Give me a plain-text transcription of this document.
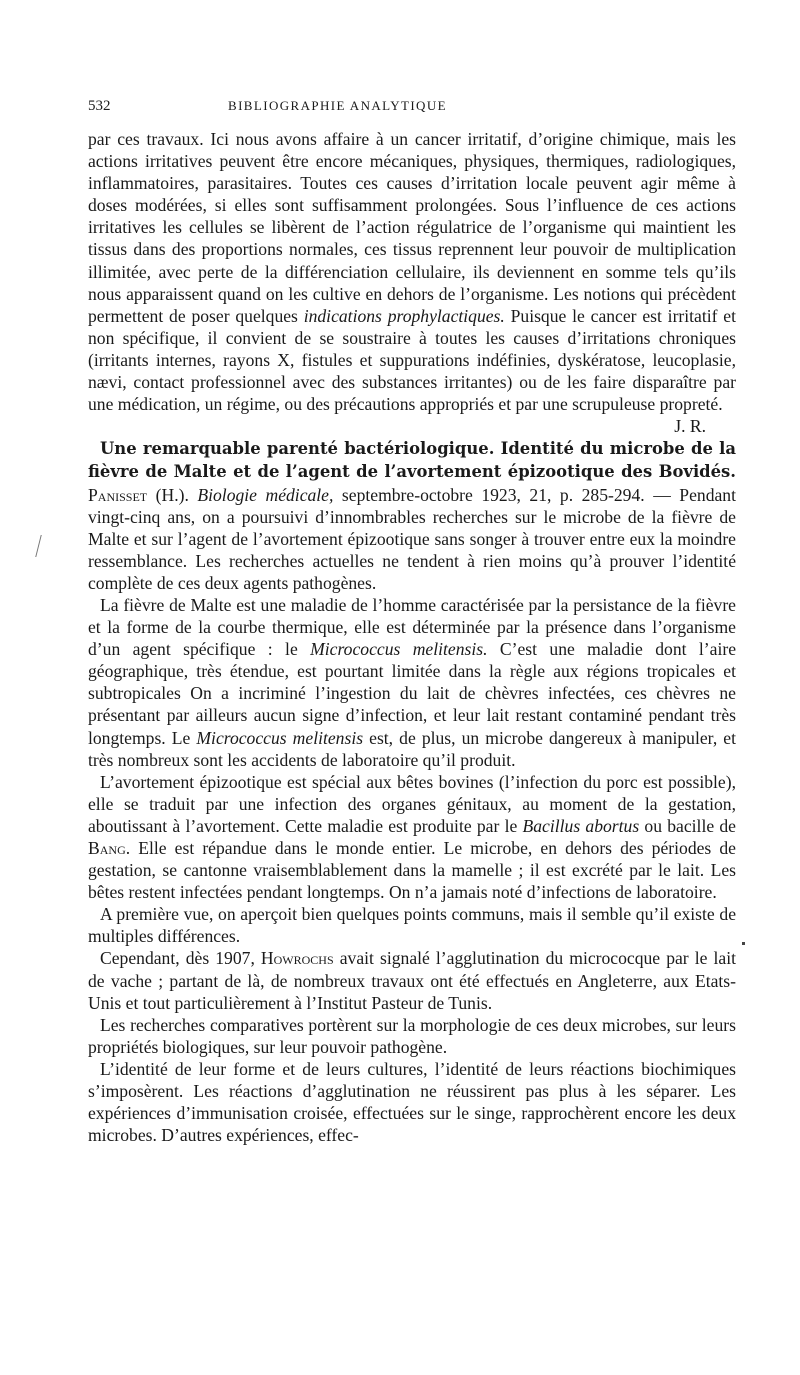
532	BIBLIOGRAPHIE ANALYTIQUE

par ces travaux. Ici nous avons affaire à un cancer irritatif, d’origine chimique, mais les actions irritatives peuvent être encore mécaniques, physiques, thermiques, radiologiques, inflammatoires, parasitaires. Toutes ces causes d’irritation locale peuvent agir même à doses modérées, si elles sont suffisamment prolongées. Sous l’influence de ces actions irritatives les cellules se libèrent de l’action régulatrice de l’organisme qui maintient les tissus dans des proportions normales, ces tissus reprennent leur pouvoir de multiplication illimitée, avec perte de la différenciation cellulaire, ils deviennent en somme tels qu’ils nous apparaissent quand on les cultive en dehors de l’organisme. Les notions qui précèdent permettent de poser quelques indications prophylactiques. Puisque le cancer est irritatif et non spécifique, il convient de se soustraire à toutes les causes d’irritations chroniques (irritants internes, rayons X, fistules et suppurations indéfinies, dyskératose, leucoplasie, nævi, contact professionnel avec des substances irritantes) ou de les faire disparaître par une médication, un régime, ou des précautions appropriés et par une scrupuleuse propreté.

J. R.

Une remarquable parenté bactériologique. Identité du microbe de la fièvre de Malte et de l’agent de l’avortement épizootique des Bovidés. Panisset (H.). Biologie médicale, septembre-octobre 1923, 21, p. 285-294. — Pendant vingt-cinq ans, on a poursuivi d’innombrables recherches sur le microbe de la fièvre de Malte et sur l’agent de l’avortement épizootique sans songer à trouver entre eux la moindre ressemblance. Les recherches actuelles ne tendent à rien moins qu’à prouver l’identité complète de ces deux agents pathogènes.

La fièvre de Malte est une maladie de l’homme caractérisée par la persistance de la fièvre et la forme de la courbe thermique, elle est déterminée par la présence dans l’organisme d’un agent spécifique : le Micrococcus melitensis. C’est une maladie dont l’aire géographique, très étendue, est pourtant limitée dans la règle aux régions tropicales et subtropicales On a incriminé l’ingestion du lait de chèvres infectées, ces chèvres ne présentant par ailleurs aucun signe d’infection, et leur lait restant contaminé pendant très longtemps. Le Micrococcus melitensis est, de plus, un microbe dangereux à manipuler, et très nombreux sont les accidents de laboratoire qu’il produit.

L’avortement épizootique est spécial aux bêtes bovines (l’infection du porc est possible), elle se traduit par une infection des organes génitaux, au moment de la gestation, aboutissant à l’avortement. Cette maladie est produite par le Bacillus abortus ou bacille de Bang. Elle est répandue dans le monde entier. Le microbe, en dehors des périodes de gestation, se cantonne vraisemblablement dans la mamelle ; il est excrété par le lait. Les bêtes restent infectées pendant longtemps. On n’a jamais noté d’infections de laboratoire.

A première vue, on aperçoit bien quelques points communs, mais il semble qu’il existe de multiples différences.

Cependant, dès 1907, Howrochs avait signalé l’agglutination du micrococque par le lait de vache ; partant de là, de nombreux travaux ont été effectués en Angleterre, aux Etats-Unis et tout particulièrement à l’Institut Pasteur de Tunis.

Les recherches comparatives portèrent sur la morphologie de ces deux microbes, sur leurs propriétés biologiques, sur leur pouvoir pathogène.

L’identité de leur forme et de leurs cultures, l’identité de leurs réactions biochimiques s’imposèrent. Les réactions d’agglutination ne réussirent pas plus à les séparer. Les expériences d’immunisation croisée, effectuées sur le singe, rapprochèrent encore les deux microbes. D’autres expériences, effec-
